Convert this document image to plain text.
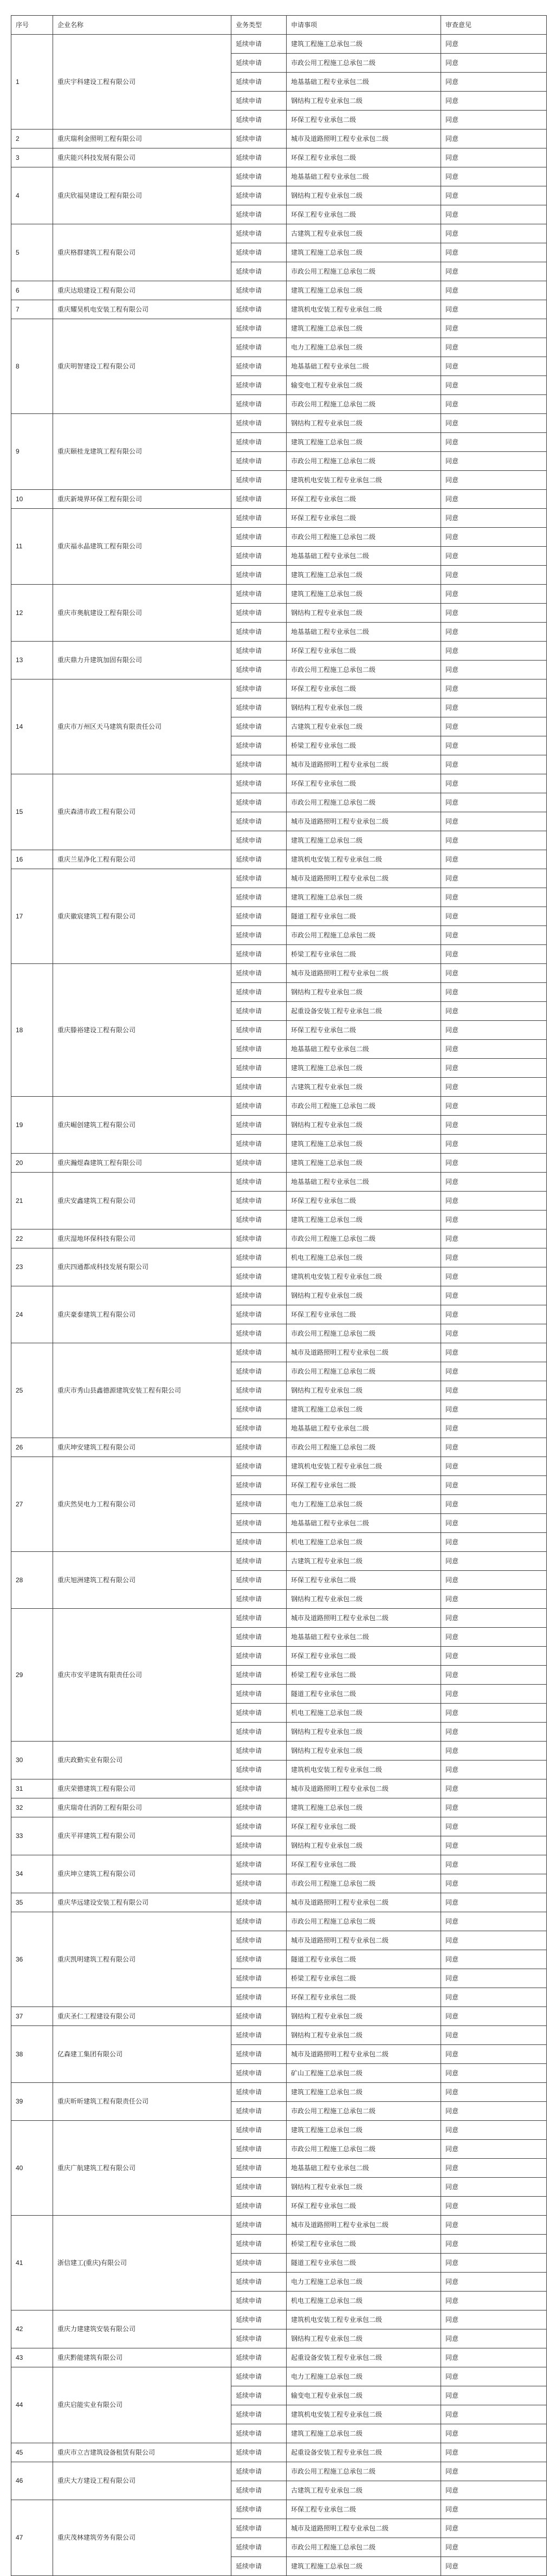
序号	企业名称	业务类型	申请事项	审查意见
1	重庆宇科建设工程有限公司	延续申请	建筑工程施工总承包二级	同意
		延续申请	市政公用工程施工总承包二级	同意
		延续申请	地基基础工程专业承包二级	同意
		延续申请	钢结构工程专业承包二级	同意
		延续申请	环保工程专业承包二级	同意
2	重庆瑞利金照明工程有限公司	延续申请	城市及道路照明工程专业承包二级	同意
3	重庆能兴科技发展有限公司	延续申请	环保工程专业承包二级	同意
4	重庆欣福昊建设工程有限公司	延续申请	地基基础工程专业承包二级	同意
		延续申请	钢结构工程专业承包二级	同意
		延续申请	环保工程专业承包二级	同意
5	重庆格群建筑工程有限公司	延续申请	古建筑工程专业承包二级	同意
		延续申请	建筑工程施工总承包二级	同意
		延续申请	市政公用工程施工总承包二级	同意
6	重庆达琅建设工程有限公司	延续申请	建筑工程施工总承包二级	同意
7	重庆耀昊机电安装工程有限公司	延续申请	建筑机电安装工程专业承包二级	同意
8	重庆明智建设工程有限公司	延续申请	建筑工程施工总承包二级	同意
		延续申请	电力工程施工总承包二级	同意
		延续申请	地基基础工程专业承包二级	同意
		延续申请	输变电工程专业承包二级	同意
		延续申请	市政公用工程施工总承包二级	同意
9	重庆颐桂龙建筑工程有限公司	延续申请	钢结构工程专业承包二级	同意
		延续申请	建筑工程施工总承包二级	同意
		延续申请	市政公用工程施工总承包二级	同意
		延续申请	建筑机电安装工程专业承包二级	同意
10	重庆新境界环保工程有限公司	延续申请	环保工程专业承包二级	同意
11	重庆福永晶建筑工程有限公司	延续申请	环保工程专业承包二级	同意
		延续申请	市政公用工程施工总承包二级	同意
		延续申请	地基基础工程专业承包二级	同意
		延续申请	建筑工程施工总承包二级	同意
12	重庆市奥航建设工程有限公司	延续申请	建筑工程施工总承包二级	同意
		延续申请	钢结构工程专业承包二级	同意
		延续申请	地基基础工程专业承包二级	同意
13	重庆鼎力升建筑加固有限公司	延续申请	环保工程专业承包二级	同意
		延续申请	市政公用工程施工总承包二级	同意
14	重庆市万州区天马建筑有限责任公司	延续申请	环保工程专业承包二级	同意
		延续申请	钢结构工程专业承包二级	同意
		延续申请	古建筑工程专业承包二级	同意
		延续申请	桥梁工程专业承包二级	同意
		延续申请	城市及道路照明工程专业承包二级	同意
15	重庆森清市政工程有限公司	延续申请	环保工程专业承包二级	同意
		延续申请	市政公用工程施工总承包二级	同意
		延续申请	城市及道路照明工程专业承包二级	同意
		延续申请	建筑工程施工总承包二级	同意
16	重庆兰星净化工程有限公司	延续申请	建筑机电安装工程专业承包二级	同意
17	重庆徽宸建筑工程有限公司	延续申请	城市及道路照明工程专业承包二级	同意
		延续申请	建筑工程施工总承包二级	同意
		延续申请	隧道工程专业承包二级	同意
		延续申请	市政公用工程施工总承包二级	同意
		延续申请	桥梁工程专业承包二级	同意
18	重庆滕裕建设工程有限公司	延续申请	城市及道路照明工程专业承包二级	同意
		延续申请	钢结构工程专业承包二级	同意
		延续申请	起重设备安装工程专业承包二级	同意
		延续申请	环保工程专业承包二级	同意
		延续申请	地基基础工程专业承包二级	同意
		延续申请	建筑工程施工总承包二级	同意
		延续申请	古建筑工程专业承包二级	同意
19	重庆崛创建筑工程有限公司	延续申请	市政公用工程施工总承包二级	同意
		延续申请	钢结构工程专业承包二级	同意
		延续申请	建筑工程施工总承包二级	同意
20	重庆瀚煜森建筑工程有限公司	延续申请	建筑工程施工总承包二级	同意
21	重庆安鑫建筑工程有限公司	延续申请	地基基础工程专业承包二级	同意
		延续申请	环保工程专业承包二级	同意
		延续申请	建筑工程施工总承包二级	同意
22	重庆湿地环保科技有限公司	延续申请	市政公用工程施工总承包二级	同意
23	重庆四通都成科技发展有限公司	延续申请	机电工程施工总承包二级	同意
		延续申请	建筑机电安装工程专业承包二级	同意
24	重庆豪泰建筑工程有限公司	延续申请	钢结构工程专业承包二级	同意
		延续申请	环保工程专业承包二级	同意
		延续申请	市政公用工程施工总承包二级	同意
25	重庆市秀山县鑫德源建筑安装工程有限公司	延续申请	城市及道路照明工程专业承包二级	同意
		延续申请	市政公用工程施工总承包二级	同意
		延续申请	钢结构工程专业承包二级	同意
		延续申请	建筑工程施工总承包二级	同意
		延续申请	地基基础工程专业承包二级	同意
26	重庆坤安建筑工程有限公司	延续申请	市政公用工程施工总承包二级	同意
27	重庆然昊电力工程有限公司	延续申请	建筑机电安装工程专业承包二级	同意
		延续申请	环保工程专业承包二级	同意
		延续申请	电力工程施工总承包二级	同意
		延续申请	地基基础工程专业承包二级	同意
		延续申请	机电工程施工总承包二级	同意
28	重庆旭洲建筑工程有限公司	延续申请	古建筑工程专业承包二级	同意
		延续申请	环保工程专业承包二级	同意
		延续申请	钢结构工程专业承包二级	同意
29	重庆市安平建筑有限责任公司	延续申请	城市及道路照明工程专业承包二级	同意
		延续申请	地基基础工程专业承包二级	同意
		延续申请	环保工程专业承包二级	同意
		延续申请	桥梁工程专业承包二级	同意
		延续申请	隧道工程专业承包二级	同意
		延续申请	机电工程施工总承包二级	同意
		延续申请	钢结构工程专业承包二级	同意
30	重庆政勤实业有限公司	延续申请	钢结构工程专业承包二级	同意
		延续申请	建筑机电安装工程专业承包二级	同意
31	重庆荣德建筑工程有限公司	延续申请	城市及道路照明工程专业承包二级	同意
32	重庆瑞奇仕消防工程有限公司	延续申请	建筑工程施工总承包二级	同意
33	重庆平祥建筑工程有限公司	延续申请	环保工程专业承包二级	同意
		延续申请	钢结构工程专业承包二级	同意
34	重庆坤立建筑工程有限公司	延续申请	环保工程专业承包二级	同意
		延续申请	市政公用工程施工总承包二级	同意
35	重庆华远建设安装工程有限公司	延续申请	城市及道路照明工程专业承包二级	同意
36	重庆凯明建筑工程有限公司	延续申请	市政公用工程施工总承包二级	同意
		延续申请	城市及道路照明工程专业承包二级	同意
		延续申请	隧道工程专业承包二级	同意
		延续申请	桥梁工程专业承包二级	同意
		延续申请	环保工程专业承包二级	同意
37	重庆圣仁工程建设有限公司	延续申请	钢结构工程专业承包二级	同意
38	亿森建工集团有限公司	延续申请	钢结构工程专业承包二级	同意
		延续申请	城市及道路照明工程专业承包二级	同意
		延续申请	矿山工程施工总承包二级	同意
39	重庆昕昕建筑工程有限责任公司	延续申请	建筑工程施工总承包二级	同意
		延续申请	市政公用工程施工总承包二级	同意
40	重庆广航建筑工程有限公司	延续申请	建筑工程施工总承包二级	同意
		延续申请	市政公用工程施工总承包二级	同意
		延续申请	地基基础工程专业承包二级	同意
		延续申请	钢结构工程专业承包二级	同意
		延续申请	环保工程专业承包二级	同意
41	浙信建工(重庆)有限公司	延续申请	城市及道路照明工程专业承包二级	同意
		延续申请	桥梁工程专业承包二级	同意
		延续申请	隧道工程专业承包二级	同意
		延续申请	电力工程施工总承包二级	同意
		延续申请	机电工程施工总承包二级	同意
42	重庆力建建筑安装有限公司	延续申请	建筑机电安装工程专业承包二级	同意
		延续申请	钢结构工程专业承包二级	同意
43	重庆黔能建筑有限公司	延续申请	起重设备安装工程专业承包二级	同意
44	重庆启能实业有限公司	延续申请	电力工程施工总承包二级	同意
		延续申请	输变电工程专业承包二级	同意
		延续申请	建筑机电安装工程专业承包二级	同意
		延续申请	建筑工程施工总承包二级	同意
45	重庆市立吉建筑设备租赁有限公司	延续申请	起重设备安装工程专业承包二级	同意
46	重庆大方建设工程有限公司	延续申请	市政公用工程施工总承包二级	同意
		延续申请	古建筑工程专业承包二级	同意
47	重庆茂林建筑劳务有限公司	延续申请	环保工程专业承包二级	同意
		延续申请	城市及道路照明工程专业承包二级	同意
		延续申请	市政公用工程施工总承包二级	同意
		延续申请	建筑工程施工总承包二级	同意
